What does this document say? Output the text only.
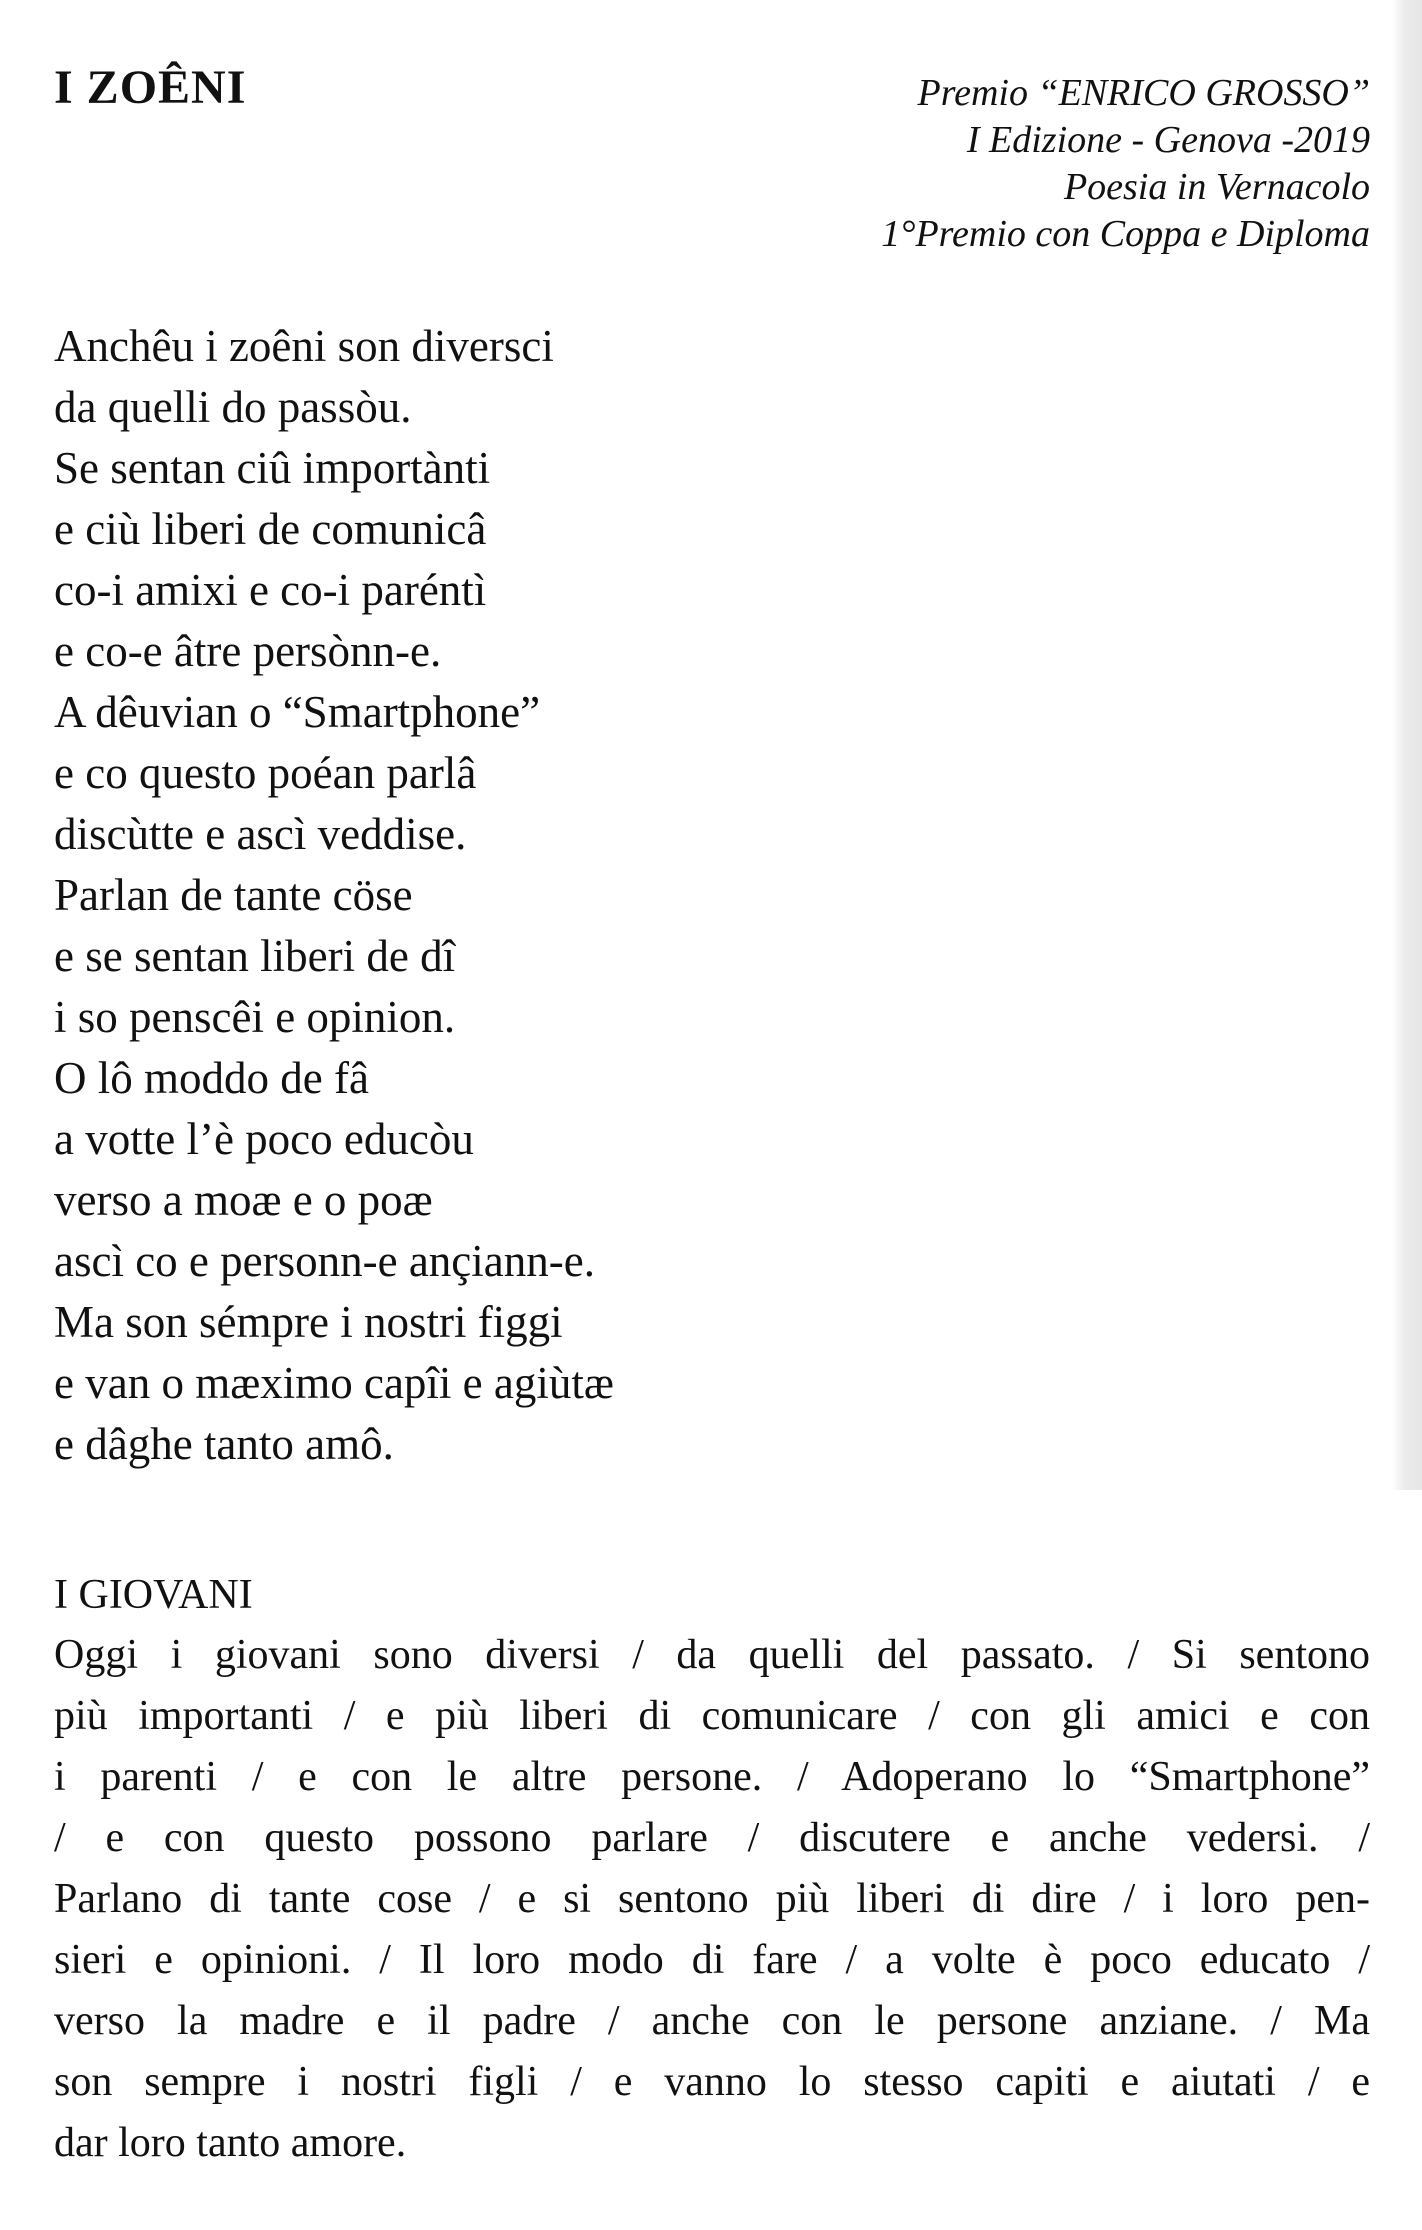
I ZOÊNI	Premio “ENRICO GROSSO”
I Edizione - Genova -2019
Poesia in Vernacolo
1°Premio con Coppa e Diploma
Anchêu i zoêni son diversci
da quelli do passòu.
Se sentan ciû importànti
e ciù liberi de comunicâ
co-i amixi e co-i paréntì
e co-e âtre persònn-e.
A dêuvian o “Smartphone”
e co questo poéan parlâ
discùtte e ascì veddise.
Parlan de tante cöse
e se sentan liberi de dî
i so penscêi e opinion.
O lô moddo de fâ
a votte l’è poco educòu
verso a moæ e o poæ
ascì co e personn-e ançiann-e.
Ma son sémpre i nostri figgi
e van o mæximo capîi e agiùtæ
e dâghe tanto amô.
I GIOVANI
Oggi i giovani sono diversi / da quelli del passato. / Si sentono
più importanti / e più liberi di comunicare / con gli amici e con
i parenti / e con le altre persone. / Adoperano lo “Smartphone”
/ e con questo possono parlare / discutere e anche vedersi. /
Parlano di tante cose / e si sentono più liberi di dire / i loro pen-
sieri e opinioni. / Il loro modo di fare / a volte è poco educato /
verso la madre e il padre / anche con le persone anziane. / Ma
son sempre i nostri figli / e vanno lo stesso capiti e aiutati / e
dar loro tanto amore.
